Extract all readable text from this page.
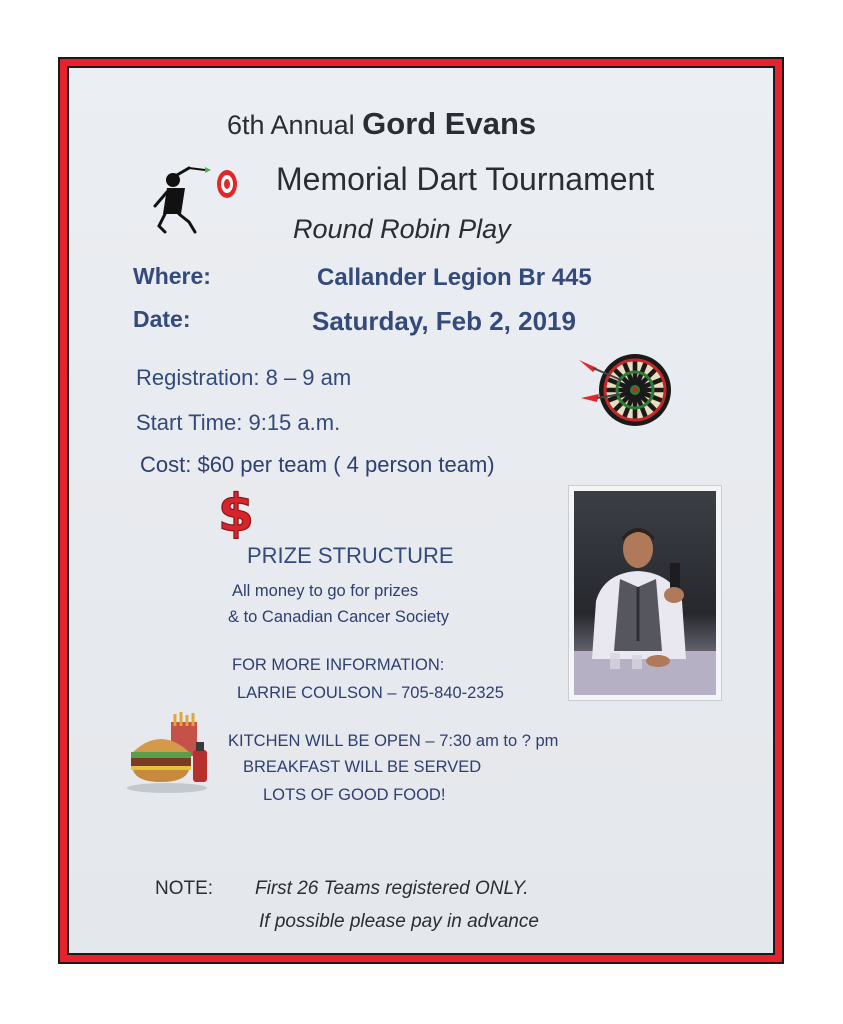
6th Annual Gord Evans
Memorial Dart Tournament
Round Robin Play
Where:	Callander Legion Br 445
Date:	Saturday, Feb 2, 2019
Registration: 8 – 9 am
Start Time: 9:15 a.m.
Cost: $60 per team ( 4 person team)
$
PRIZE STRUCTURE
All money to go for prizes
& to Canadian Cancer Society
FOR MORE INFORMATION:
LARRIE COULSON – 705-840-2325
KITCHEN WILL BE OPEN – 7:30 am to ? pm
BREAKFAST WILL BE SERVED
LOTS OF GOOD FOOD!
NOTE: First 26 Teams registered ONLY.
If possible please pay in advance
